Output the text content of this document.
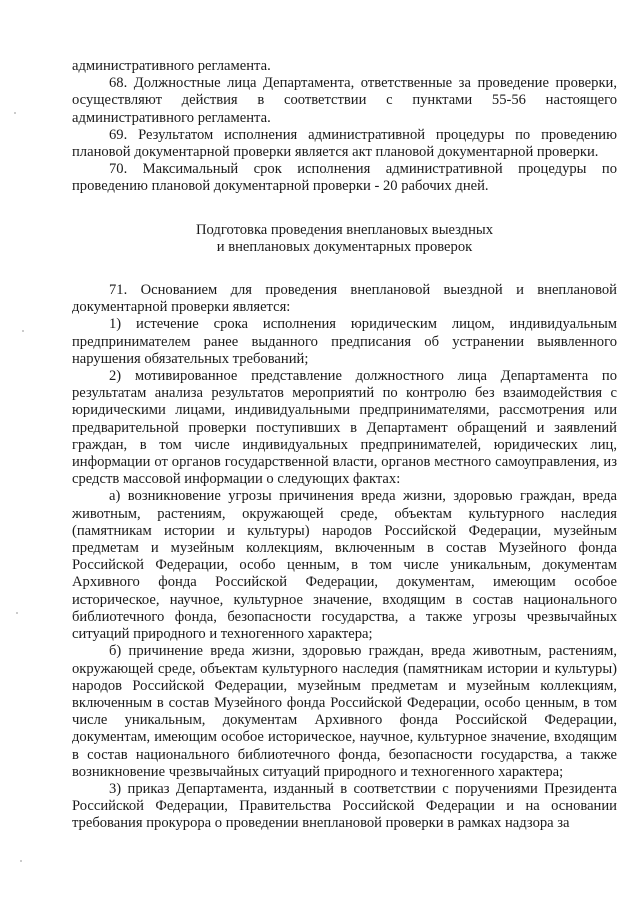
административного регламента.

68. Должностные лица Департамента, ответственные за проведение проверки, осуществляют действия в соответствии с пунктами 55-56 настоящего административного регламента.

69. Результатом исполнения административной процедуры по проведению плановой документарной проверки является акт плановой документарной проверки.

70. Максимальный срок исполнения административной процедуры по проведению плановой документарной проверки - 20 рабочих дней.

Подготовка проведения внеплановых выездных
и внеплановых документарных проверок

71. Основанием для проведения внеплановой выездной и внеплановой документарной проверки является:

1) истечение срока исполнения юридическим лицом, индивидуальным предпринимателем ранее выданного предписания об устранении выявленного нарушения обязательных требований;

2) мотивированное представление должностного лица Департамента по результатам анализа результатов мероприятий по контролю без взаимодействия с юридическими лицами, индивидуальными предпринимателями, рассмотрения или предварительной проверки поступивших в Департамент обращений и заявлений граждан, в том числе индивидуальных предпринимателей, юридических лиц, информации от органов государственной власти, органов местного самоуправления, из средств массовой информации о следующих фактах:

а) возникновение угрозы причинения вреда жизни, здоровью граждан, вреда животным, растениям, окружающей среде, объектам культурного наследия (памятникам истории и культуры) народов Российской Федерации, музейным предметам и музейным коллекциям, включенным в состав Музейного фонда Российской Федерации, особо ценным, в том числе уникальным, документам Архивного фонда Российской Федерации, документам, имеющим особое историческое, научное, культурное значение, входящим в состав национального библиотечного фонда, безопасности государства, а также угрозы чрезвычайных ситуаций природного и техногенного характера;

б) причинение вреда жизни, здоровью граждан, вреда животным, растениям, окружающей среде, объектам культурного наследия (памятникам истории и культуры) народов Российской Федерации, музейным предметам и музейным коллекциям, включенным в состав Музейного фонда Российской Федерации, особо ценным, в том числе уникальным, документам Архивного фонда Российской Федерации, документам, имеющим особое историческое, научное, культурное значение, входящим в состав национального библиотечного фонда, безопасности государства, а также возникновение чрезвычайных ситуаций природного и техногенного характера;

3) приказ Департамента, изданный в соответствии с поручениями Президента Российской Федерации, Правительства Российской Федерации и на основании требования прокурора о проведении внеплановой проверки в рамках надзора за
